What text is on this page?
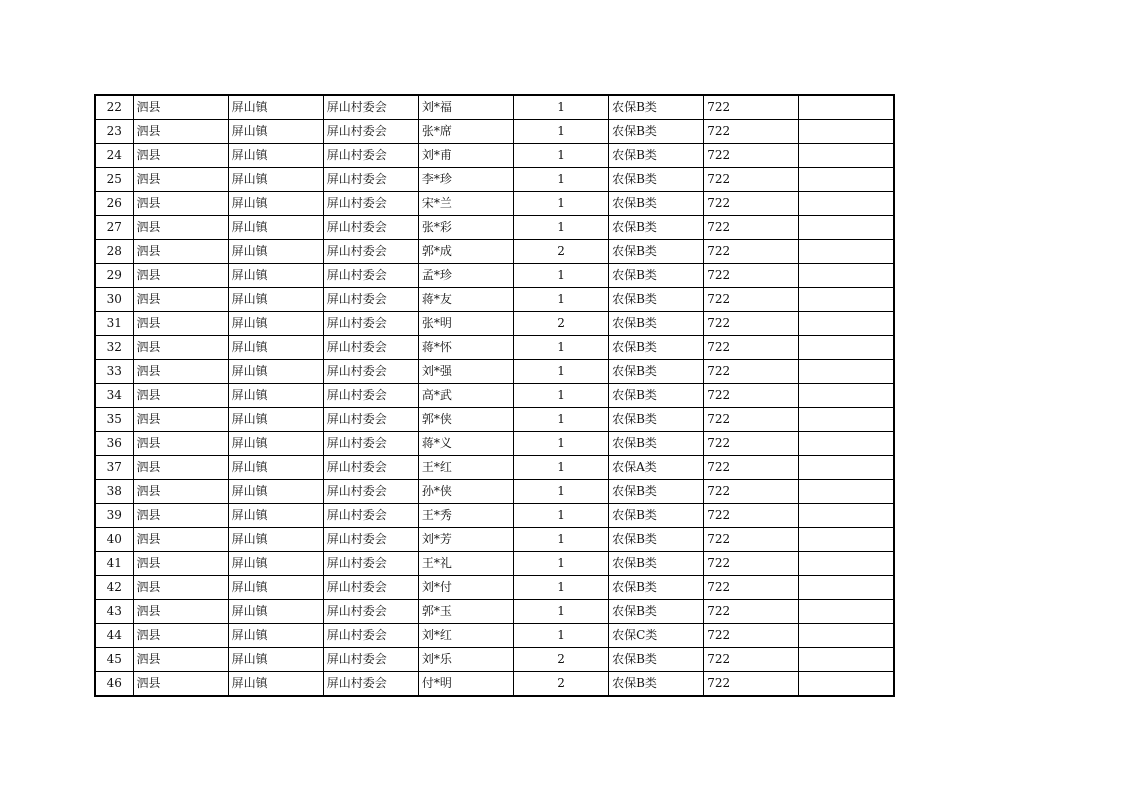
22	泗县	屏山镇	屏山村委会	刘*福	1	农保B类	722	
23	泗县	屏山镇	屏山村委会	张*席	1	农保B类	722	
24	泗县	屏山镇	屏山村委会	刘*甫	1	农保B类	722	
25	泗县	屏山镇	屏山村委会	李*珍	1	农保B类	722	
26	泗县	屏山镇	屏山村委会	宋*兰	1	农保B类	722	
27	泗县	屏山镇	屏山村委会	张*彩	1	农保B类	722	
28	泗县	屏山镇	屏山村委会	郭*成	2	农保B类	722	
29	泗县	屏山镇	屏山村委会	孟*珍	1	农保B类	722	
30	泗县	屏山镇	屏山村委会	蒋*友	1	农保B类	722	
31	泗县	屏山镇	屏山村委会	张*明	2	农保B类	722	
32	泗县	屏山镇	屏山村委会	蒋*怀	1	农保B类	722	
33	泗县	屏山镇	屏山村委会	刘*强	1	农保B类	722	
34	泗县	屏山镇	屏山村委会	高*武	1	农保B类	722	
35	泗县	屏山镇	屏山村委会	郭*侠	1	农保B类	722	
36	泗县	屏山镇	屏山村委会	蒋*义	1	农保B类	722	
37	泗县	屏山镇	屏山村委会	王*红	1	农保A类	722	
38	泗县	屏山镇	屏山村委会	孙*侠	1	农保B类	722	
39	泗县	屏山镇	屏山村委会	王*秀	1	农保B类	722	
40	泗县	屏山镇	屏山村委会	刘*芳	1	农保B类	722	
41	泗县	屏山镇	屏山村委会	王*礼	1	农保B类	722	
42	泗县	屏山镇	屏山村委会	刘*付	1	农保B类	722	
43	泗县	屏山镇	屏山村委会	郭*玉	1	农保B类	722	
44	泗县	屏山镇	屏山村委会	刘*红	1	农保C类	722	
45	泗县	屏山镇	屏山村委会	刘*乐	2	农保B类	722	
46	泗县	屏山镇	屏山村委会	付*明	2	农保B类	722	
